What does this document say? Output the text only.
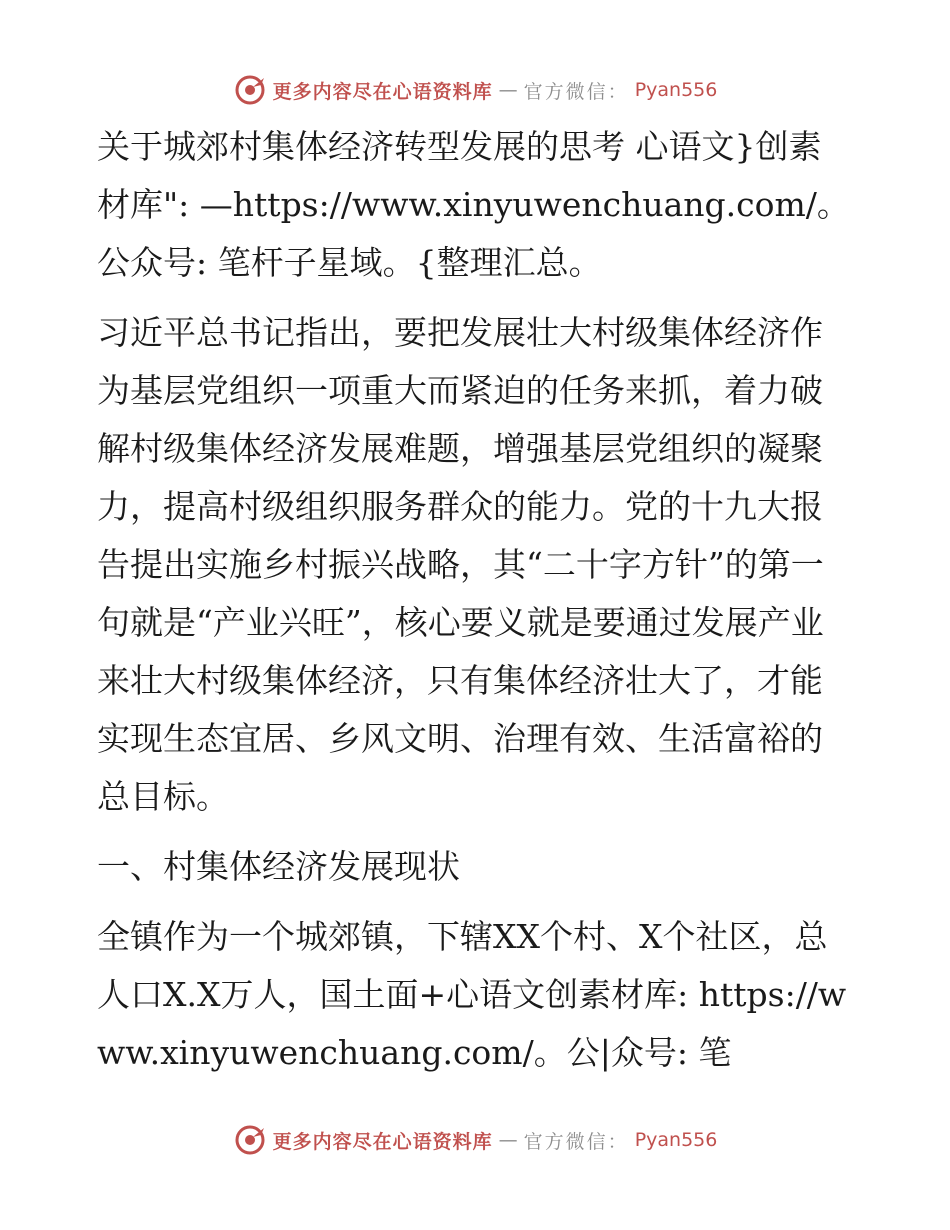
更多内容尽在心语资料库 — 官方微信： Pyan556

关于城郊村集体经济转型发展的思考 心语文}创素材库": —https://www.xinyuwenchuang.com/。公众号: 笔杆子星域。{整理汇总。

习近平总书记指出，要把发展壮大村级集体经济作为基层党组织一项重大而紧迫的任务来抓，着力破解村级集体经济发展难题，增强基层党组织的凝聚力，提高村级组织服务群众的能力。党的十九大报告提出实施乡村振兴战略，其“二十字方针”的第一句就是“产业兴旺”，核心要义就是要通过发展产业来壮大村级集体经济，只有集体经济壮大了，才能实现生态宜居、乡风文明、治理有效、生活富裕的总目标。

一、村集体经济发展现状

全镇作为一个城郊镇，下辖XX个村、X个社区，总人口X.X万人，国土面+心语文创素材库: https://www.xinyuwenchuang.com/。公|众号: 笔

更多内容尽在心语资料库 — 官方微信： Pyan556
